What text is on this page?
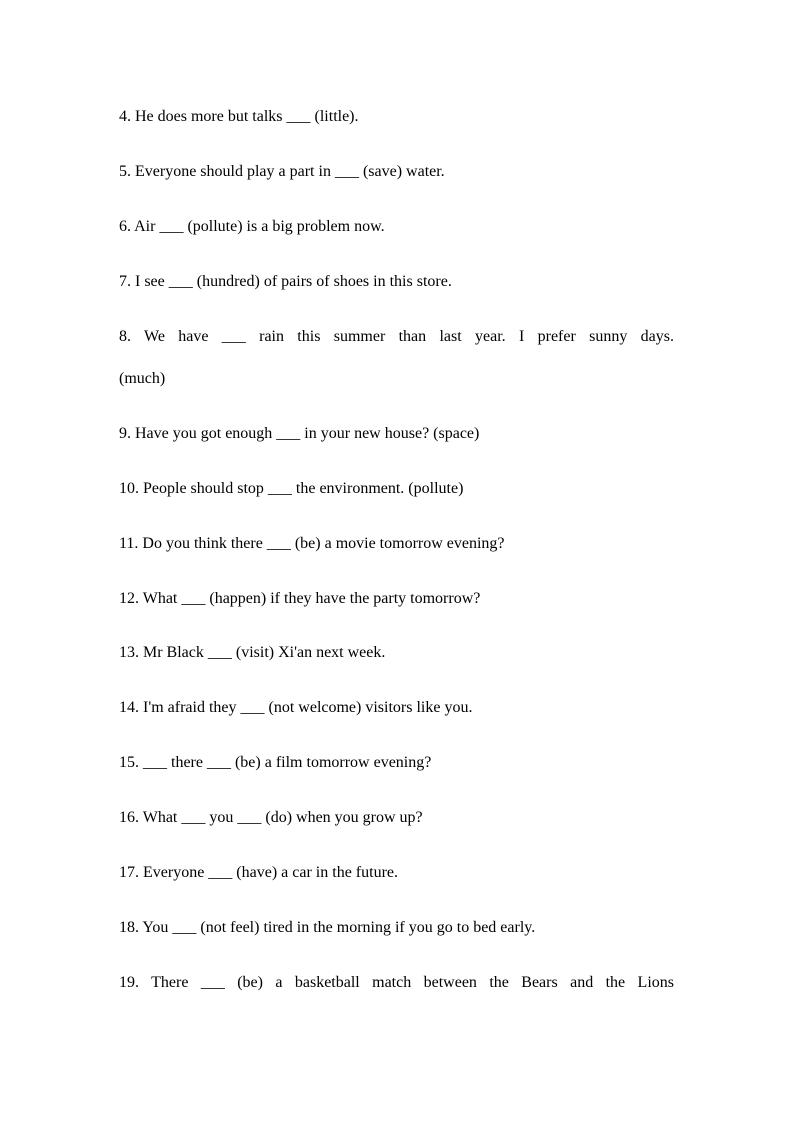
4. He does more but talks ___ (little).
5. Everyone should play a part in ___ (save) water.
6. Air ___ (pollute) is a big problem now.
7. I see ___ (hundred) of pairs of shoes in this store.
8. We have ___ rain this summer than last year. I prefer sunny days.
(much)
9. Have you got enough ___ in your new house? (space)
10. People should stop ___ the environment. (pollute)
11. Do you think there ___ (be) a movie tomorrow evening?
12. What ___ (happen) if they have the party tomorrow?
13. Mr Black ___ (visit) Xi'an next week.
14. I'm afraid they ___ (not welcome) visitors like you.
15. ___ there ___ (be) a film tomorrow evening?
16. What ___ you ___ (do) when you grow up?
17. Everyone ___ (have) a car in the future.
18. You ___ (not feel) tired in the morning if you go to bed early.
19. There ___ (be) a basketball match between the Bears and the Lions
